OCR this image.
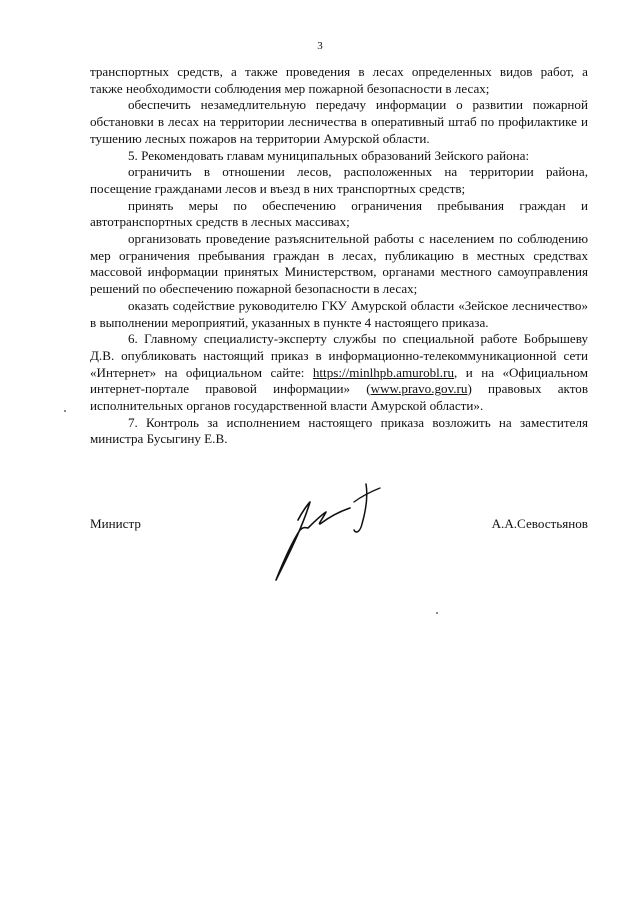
3

транспортных средств, а также проведения в лесах определенных видов работ, а

также необходимости соблюдения мер пожарной безопасности в лесах;

обеспечить незамедлительную передачу информации о развитии пожарной обстановки в лесах на территории лесничества в оперативный штаб по профилактике и тушению лесных пожаров на территории Амурской области.

5. Рекомендовать главам муниципальных образований Зейского района:

ограничить в отношении лесов, расположенных на территории района, посещение гражданами лесов и въезд в них транспортных средств;

принять меры по обеспечению ограничения пребывания граждан и автотранспортных средств в лесных массивах;

организовать проведение разъяснительной работы с населением по соблюдению мер ограничения пребывания граждан в лесах, публикацию в местных средствах массовой информации принятых Министерством, органами местного самоуправления решений по обеспечению пожарной безопасности в лесах;

оказать содействие руководителю ГКУ Амурской области «Зейское лесничество» в выполнении мероприятий, указанных в пункте 4 настоящего приказа.

6. Главному специалисту-эксперту службы по специальной работе Бобрышеву Д.В. опубликовать настоящий приказ в информационно-телекоммуникационной сети «Интернет» на официальном сайте: https://minlhpb.amurobl.ru, и на «Официальном интернет-портале правовой информации» (www.pravo.gov.ru) правовых актов исполнительных органов государственной власти Амурской области».

7. Контроль за исполнением настоящего приказа возложить на заместителя министра Бусыгину Е.В.

Министр	А.А.Севостьянов
